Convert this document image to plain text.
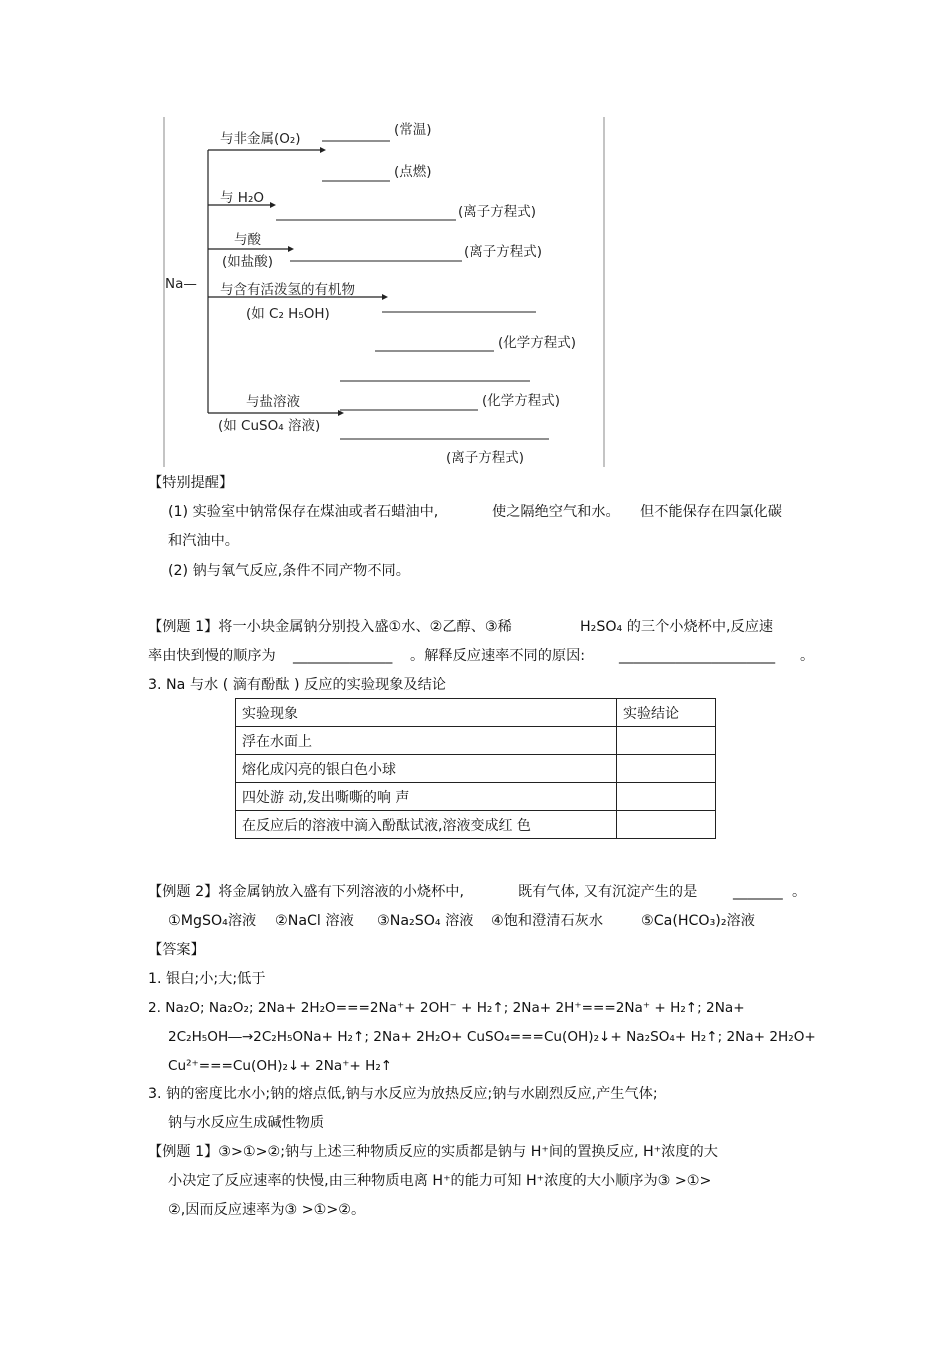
Na—
与非金属(O₂)
(常温)
(点燃)
与 H₂O
(离子方程式)
与酸
(如盐酸)
(离子方程式)
与含有活泼氢的有机物
(如 C₂ H₅OH)
(化学方程式)
与盐溶液	(化学方程式)
(如 CuSO₄ 溶液)
(离子方程式)
【特别提醒】
(1) 实验室中钠常保存在煤油或者石蜡油中,	使之隔绝空气和水。 但不能保存在四氯化碳
和汽油中。
(2) 钠与氧气反应,条件不同产物不同。
【例题 1】将一小块金属钠分别投入盛①水、②乙醇、③稀	H₂SO₄ 的三个小烧杯中,反应速
率由快到慢的顺序为 ______________ 。解释反应速率不同的原因: ______________________ 。
3. Na 与水 ( 滴有酚酞 ) 反应的实验现象及结论
实验现象	实验结论
浮在水面上	
熔化成闪亮的银白色小球	
四处游 动,发出嘶嘶的响 声	
在反应后的溶液中滴入酚酞试液,溶液变成红 色	
【例题 2】将金属钠放入盛有下列溶液的小烧杯中,	既有气体, 又有沉淀产生的是	_______ 。
①MgSO₄溶液 ②NaCl 溶液 ③Na₂SO₄ 溶液 ④饱和澄清石灰水	⑤Ca(HCO₃)₂溶液
【答案】
1. 银白;小;大;低于
2. Na₂O; Na₂O₂; 2Na+ 2H₂O===2Na⁺+ 2OH⁻ + H₂↑; 2Na+ 2H⁺===2Na⁺ + H₂↑; 2Na+
2C₂H₅OH―→2C₂H₅ONa+ H₂↑; 2Na+ 2H₂O+ CuSO₄===Cu(OH)₂↓+ Na₂SO₄+ H₂↑; 2Na+ 2H₂O+
Cu²⁺===Cu(OH)₂↓+ 2Na⁺+ H₂↑
3. 钠的密度比水小;钠的熔点低,钠与水反应为放热反应;钠与水剧烈反应,产生气体;
钠与水反应生成碱性物质
【例题 1】③>①>②;钠与上述三种物质反应的实质都是钠与 H⁺间的置换反应, H⁺浓度的大
小决定了反应速率的快慢,由三种物质电离 H⁺的能力可知 H⁺浓度的大小顺序为③ >①>
②,因而反应速率为③ >①>②。
